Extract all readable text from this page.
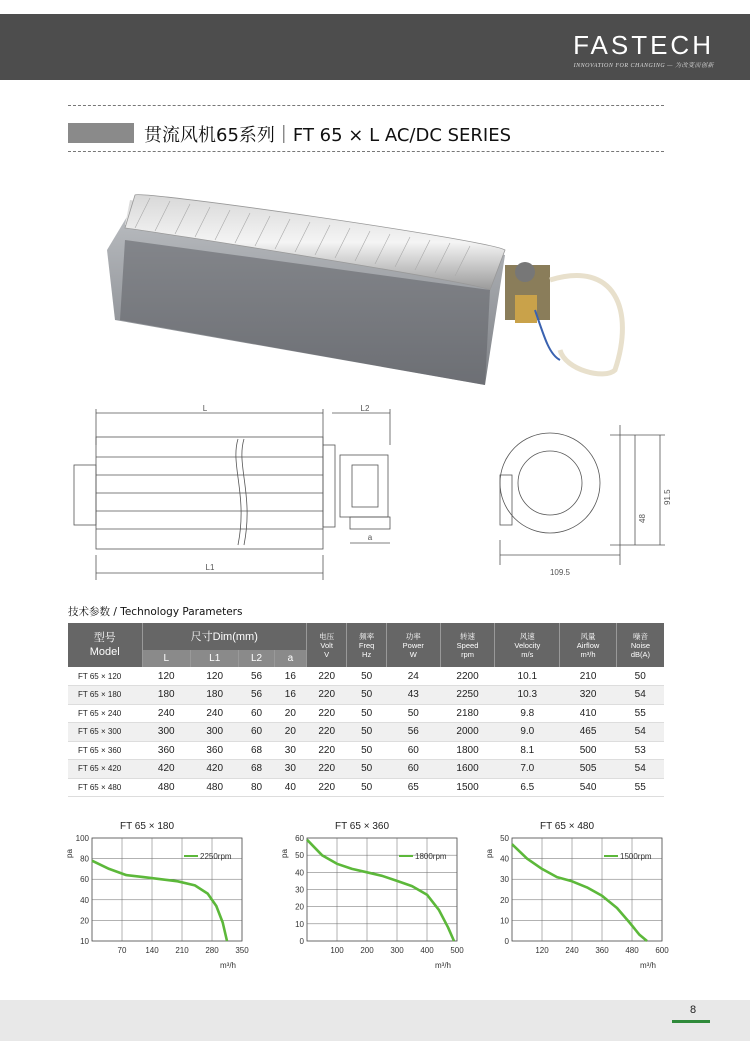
FASTECH
INNOVATION FOR CHANGING — 为改变而创新
贯流风机65系列｜FT 65 × L AC/DC SERIES
L	L2
a
L1
109.5
48
91.5
技术参数 / Technology Parameters
型号
Model	尺寸Dim(mm)				电压
Volt
V	频率
Freq
Hz	功率
Power
W	转速
Speed
rpm	风速
Velocity
m/s	风量
Airflow
m³/h	噪音
Noise
dB(A)
	L	L1	L2	a							
FT 65 × 120	120	120	56	16	220	50	24	2200	10.1	210	50
FT 65 × 180	180	180	56	16	220	50	43	2250	10.3	320	54
FT 65 × 240	240	240	60	20	220	50	50	2180	9.8	410	55
FT 65 × 300	300	300	60	20	220	50	56	2000	9.0	465	54
FT 65 × 360	360	360	68	30	220	50	60	1800	8.1	500	53
FT 65 × 420	420	420	68	30	220	50	60	1600	7.0	505	54
FT 65 × 480	480	480	80	40	220	50	65	1500	6.5	540	55
FT 65 × 180
70 140 210 280 350
10
20
40
60
80
100
pa
m³/h
2250rpm
FT 65 × 360
100 200 300 400 500
0
10
20
30
40
50
60
pa
m³/h
1800rpm
FT 65 × 480
120 240 360 480 600
0
10
20
30
40
50
pa
m³/h
1500rpm
8
